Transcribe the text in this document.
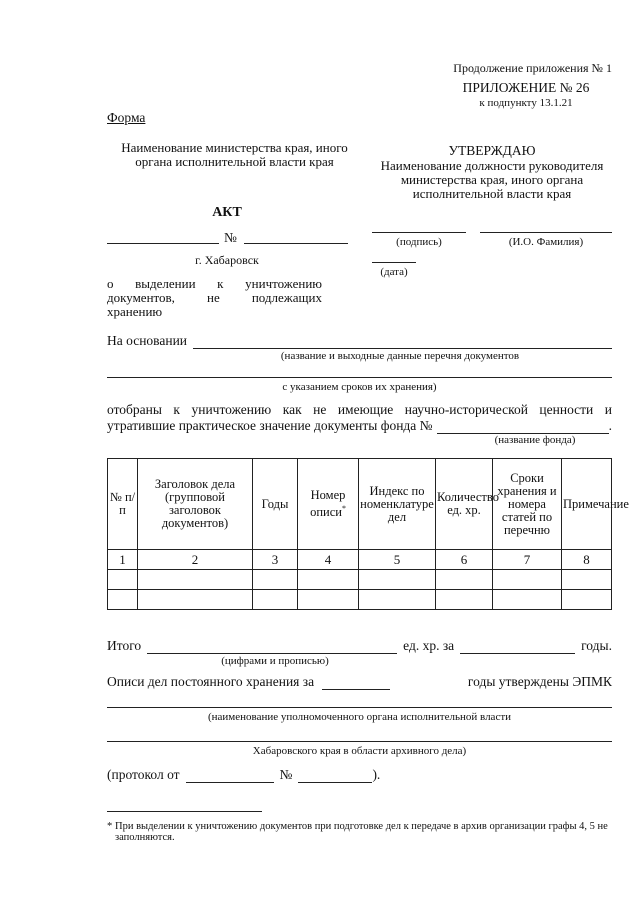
Продолжение приложения № 1
ПРИЛОЖЕНИЕ № 26
к подпункту 13.1.21
Форма
Наименование министерства края, иного органа исполнительной власти края
АКТ
№
г. Хабаровск
о выделении к уничтожению документов, не подлежащих хранению
УТВЕРЖДАЮ
Наименование должности руководителя министерства края, иного органа исполнительной власти края
(подпись)	(И.О. Фамилия)
(дата)
На основании
(название и выходные данные перечня документов
с указанием сроков их хранения)
отобраны к уничтожению как не имеющие научно-исторической ценности и
утратившие практическое значение документы фонда №	.
(название фонда)
№ п/п	Заголовок дела (групповой заголовок документов)	Годы	Номер описи*	Индекс по номенклатуре дел	Количество ед. хр.	Сроки хранения и номера статей по перечню	Примечание
1	2	3	4	5	6	7	8

Итого	ед. хр. за	годы.
(цифрами и прописью)
Описи дел постоянного хранения за	годы утверждены ЭПМК
(наименование уполномоченного органа исполнительной власти
Хабаровского края в области архивного дела)
(протокол от	№	).
* При выделении к уничтожению документов при подготовке дел к передаче в архив организации графы 4, 5 не заполняются.
